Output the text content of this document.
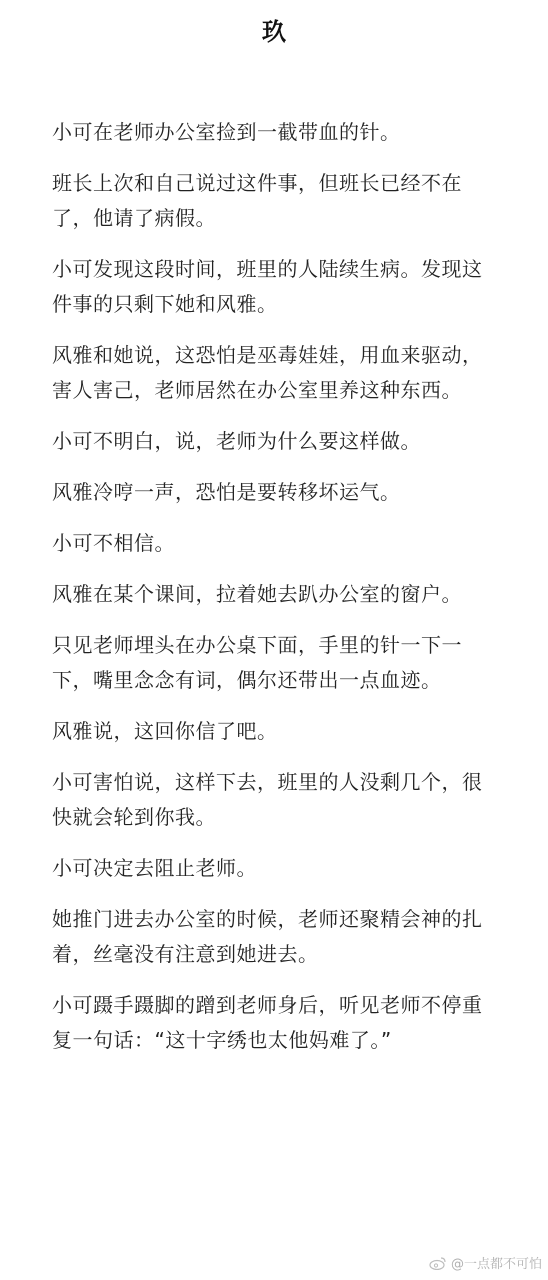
玖

小可在老师办公室捡到一截带血的针。

班长上次和自己说过这件事，但班长已经不在了，他请了病假。

小可发现这段时间，班里的人陆续生病。发现这件事的只剩下她和风雅。

风雅和她说，这恐怕是巫毒娃娃，用血来驱动，害人害己，老师居然在办公室里养这种东西。

小可不明白，说，老师为什么要这样做。

风雅冷哼一声，恐怕是要转移坏运气。

小可不相信。

风雅在某个课间，拉着她去趴办公室的窗户。

只见老师埋头在办公桌下面，手里的针一下一下，嘴里念念有词，偶尔还带出一点血迹。

风雅说，这回你信了吧。

小可害怕说，这样下去，班里的人没剩几个，很快就会轮到你我。

小可决定去阻止老师。

她推门进去办公室的时候，老师还聚精会神的扎着，丝毫没有注意到她进去。

小可蹑手蹑脚的蹭到老师身后，听见老师不停重复一句话：“这十字绣也太他妈难了。”

@一点都不可怕
